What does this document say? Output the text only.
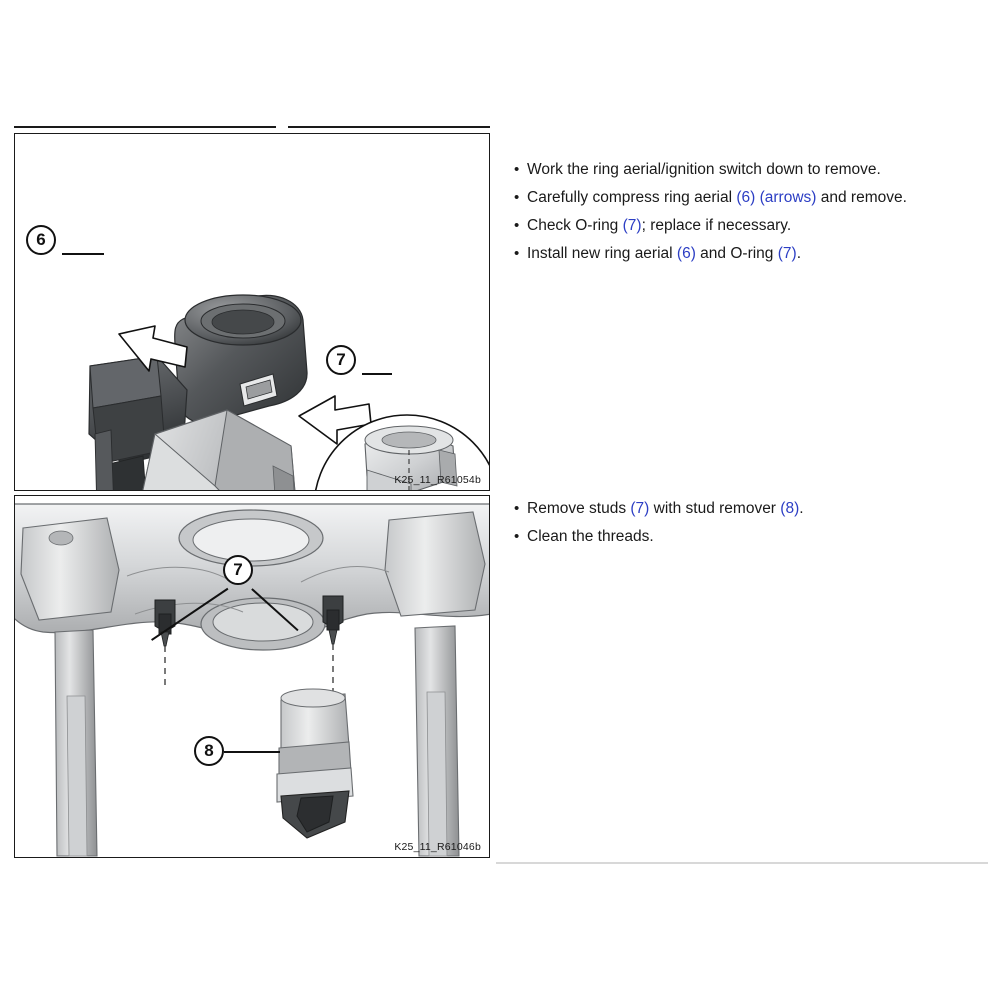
K25_11_R61054b
6
7
• Work the ring aerial/ignition switch down to remove.
• Carefully compress ring aerial (6) (arrows) and remove.
• Check O-ring (7); replace if necessary.
• Install new ring aerial (6) and O-ring (7).
K25_11_R61046b
7
8
• Remove studs (7) with stud remover (8).
• Clean the threads.
